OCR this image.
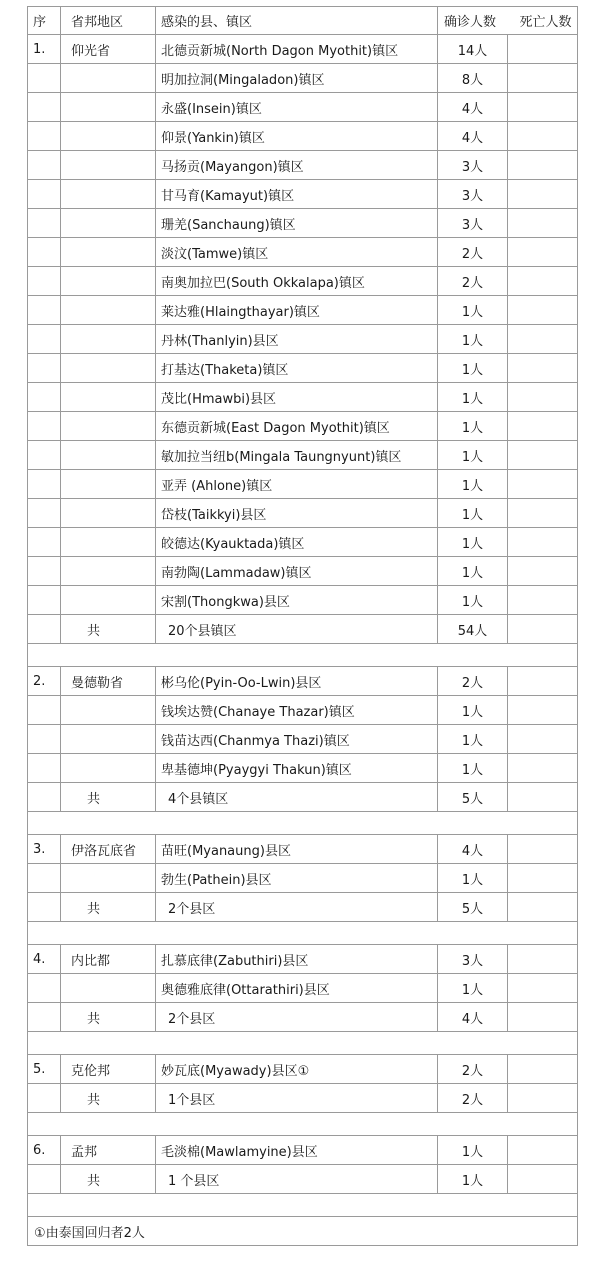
序	省邦地区	感染的县、镇区	确诊人数	死亡人数
1.	仰光省	北德贡新城(North Dagon Myothit)镇区	14人	
		明加拉洞(Mingaladon)镇区	8人	
		永盛(Insein)镇区	4人	
		仰景(Yankin)镇区	4人	
		马扬贡(Mayangon)镇区	3人	
		甘马育(Kamayut)镇区	3人	
		珊羌(Sanchaung)镇区	3人	
		淡汶(Tamwe)镇区	2人	
		南奥加拉巴(South Okkalapa)镇区	2人	
		莱达雅(Hlaingthayar)镇区	1人	
		丹林(Thanlyin)县区	1人	
		打基达(Thaketa)镇区	1人	
		茂比(Hmawbi)县区	1人	
		东德贡新城(East Dagon Myothit)镇区	1人	
		敏加拉当纽b(Mingala Taungnyunt)镇区	1人	
		亚弄 (Ahlone)镇区	1人	
		岱枝(Taikkyi)县区	1人	
		皎德达(Kyauktada)镇区	1人	
		南勃陶(Lammadaw)镇区	1人	
		宋割(Thongkwa)县区	1人	
	共	20个县镇区	54人	

2.	曼德勒省	彬乌伦(Pyin-Oo-Lwin)县区	2人	
		钱埃达赞(Chanaye Thazar)镇区	1人	
		钱苗达西(Chanmya Thazi)镇区	1人	
		卑基德坤(Pyaygyi Thakun)镇区	1人	
	共	4个县镇区	5人	

3.	伊洛瓦底省	苗旺(Myanaung)县区	4人	
		勃生(Pathein)县区	1人	
	共	2个县区	5人	

4.	内比都	扎慕底律(Zabuthiri)县区	3人	
		奥德雅底律(Ottarathiri)县区	1人	
	共	2个县区	4人	

5.	克伦邦	妙瓦底(Myawady)县区①	2人	
	共	1个县区	2人	

6.	孟邦	毛淡棉(Mawlamyine)县区	1人	
	共	1 个县区	1人	

①由泰国回归者2人				
